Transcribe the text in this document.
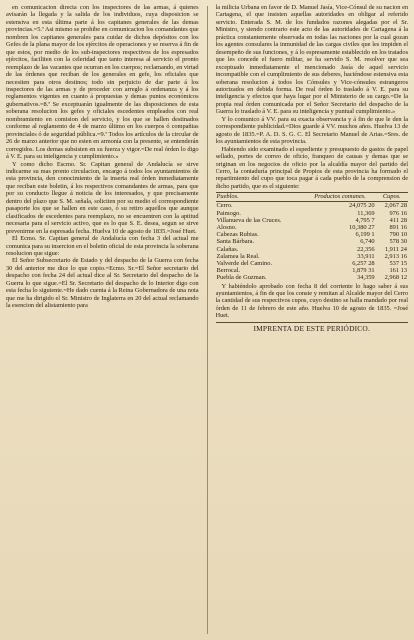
en comunicacion directa con los inspectores de las armas, á quienes avisarán la llegada y la salida de los individuos, cuya disposicion se estensiva en esta última parte á los capitanes generales de las demas provincias.=5.ª Asi mismo se prohibe en comunicacion los comandantes que nombren los capitanes generales para cuidar de dichos depósitos con los Gefes de la plana mayor de los ejércitos de operaciones y se reserva á fin de que estos, por medio de los sub-inspectores respectivos de los espresados ejércitos, faciliten con la celeridad que tanto interesa al servicio el pronto reemplazo de las vacantes que ocurran en los cuerpos; reclamando, en virtad de las órdenes que reciban de los generales en gefe, los oficiales que necesiten para otros destinos; todo sin perjuicio de dar parte á los inspectores de las armas y de proceder con arreglo á ordenanza y á los reglamentos vigentes en cuanto á propuestas y demas puntos económicos gubernativos.=8.ª Se exceptuarán igualmente de las disposiciones de esta soberana resolucion los gefes y oficiales escedentes empleados con real nombramiento en comision del servicio, y los que se hallen destinados conforme al reglamento de 4 de marzo último en los cuerpos ó compañias provinciales ó de seguridad pública.=9.ª Todos los artículos de la circular de 26 de marzo anterior que no esten en armonía con la presente, se entenderán corregidos. Los demas subsisten en su fuerza y vigor.=De real órden lo digo á V. E. para su inteligencia y cumplimiento.»

Y como dicho Escmo. Sr. Capitan general de Andalucía se sirve indicarme su mas pronto circulacion, encargo á todos los ayuntamientos de esta provincia, den conocimiento de la inserta real órden inmediatamente que reciban este boletin, á los respectivos comandantes de armas, para que por su conducto llegue á noticia de los interesados, y que precisamente dentro del plazo que S. M. señala, soliciten por su medio el correspondiente pasaporte los que se hallen en este caso, ó su retiro aquellos que aunque clasificados de escedentes para reemplazo, no se encuentren con la aptitud necesaria para el servicio activo, que es lo que S. E. desea, segun se sirve prevenirme en la espresada fecha. Huelva 10 de agosto de 1835.=José Huet.

El Ecmo. Sr. Capitan general de Andalucía con fecha 3 del actual me comunica para su insercion en el boletin oficial de esta provincia la soberana resolucion que sigue:

El Señor Subsecretario de Estado y del despacho de la Guerra con fecha 30 del anterior me dice lo que copio.=Ecmo. Sr.=El Señor secretario del despacho con fecha 24 del actual dice al Sr. Secretario del despacho de la Guerra lo que sigue.=El Sr. Secretario del despacho de lo Interior digo con esta fecha lo siguiente.=He dado cuenta á la Reina Gobernadora de una nota que me ha dirigido el Sr. Ministro de Inglaterra en 20 del actual reclamando la esencion del alistamiento para

la milicia Urbana en favor de D. Manuel Jasía, Vice-Cónsul de su nacion en Cartagena, el que insisten aquellas autoridades en obligar al referido servicio. Enterada S. M. de los fundados razones alegadas por el Sr. Ministro, y siendo contrario este acto de las autoridades de Cartagena á la práctica constantemente observada en todas las naciones por la cual gozan los agentes consulares la inmunidad de las cargas civiles que les impiden el desempeño de sus funciones, y á lo espresamente establecido en los tratados que les concede el fuero militar, se ha servido S. M. resolver que sea exceptuado inmediatamente el mencionado Jasía de aquel servicio incompatible con el cumplimiento de sus deberes, haciéndose estensiva esta soberana resolucion á todos los Cónsules y Vice-cónsules estrangeros autorizados en debida forma. De real órden lo traslado á V. E. para su inteligencia y efectos que haya lugar por el Ministerio de su cargo.=De la propia real órden comunicada por el Señor Secretario del despacho de la Guerra lo traslado á V. E. para su inteligencia y puntual cumplimiento.»

Y lo comunico á VV. para su exacta observancia y á fin de que le den la correspondiente publicidad.=Dios guarde á VV. muchos años. Huelva 13 de agosto de 1835.=P. A. D. S. G. C. El Secretario Manuel de Arias.=Sres. de los ayuntamientos de esta provincia.

Habiendo sido examinado el espediente y presupuesto de gastos de papel sellado, portes de correo de oficio, franqueo de causas y demas que se originan en los negocios de oficio por la alcaldía mayor del partido del Cerro, la contaduría principal de Propios de esta provincia ha formado el repartimiento del cupo que toca pagar á cada pueblo de la comprension de dicho partido, que es el siguiente:

Pueblos.	Productos comunes.	Cupos.
Cerro.	24,075 20	2,067 28
Paimogo.	11,369	976 16
Villanueva de las Cruces.	4,795 7	411 28
Alosno.	10,380 27	891 16
Cabezas Rubias.	6,199 1	790 10
Santa Bárbara.	6,740	578 30
Calañas.	22,356	1,911 24
Zalamea la Real.	33,911	2,913 16
Valverde del Camino.	6,257 28	537 15
Berrocal.	1,879 31	161 13
Puebla de Guzman.	34,359	2,968 12

Y habiéndolo aprobado con fecha 8 del corriente lo hago saber á sus ayuntamientos, á fin de que los conste y remitan al Alcalde mayor del Cerro la cantidad de sus respectivos cupos, cuyo destino se halla mandado por real órden de 11 de febrero de este año. Huelva 10 de agosto de 1835. =José Huet.

IMPRENTA DE ESTE PERIÓDICO.
